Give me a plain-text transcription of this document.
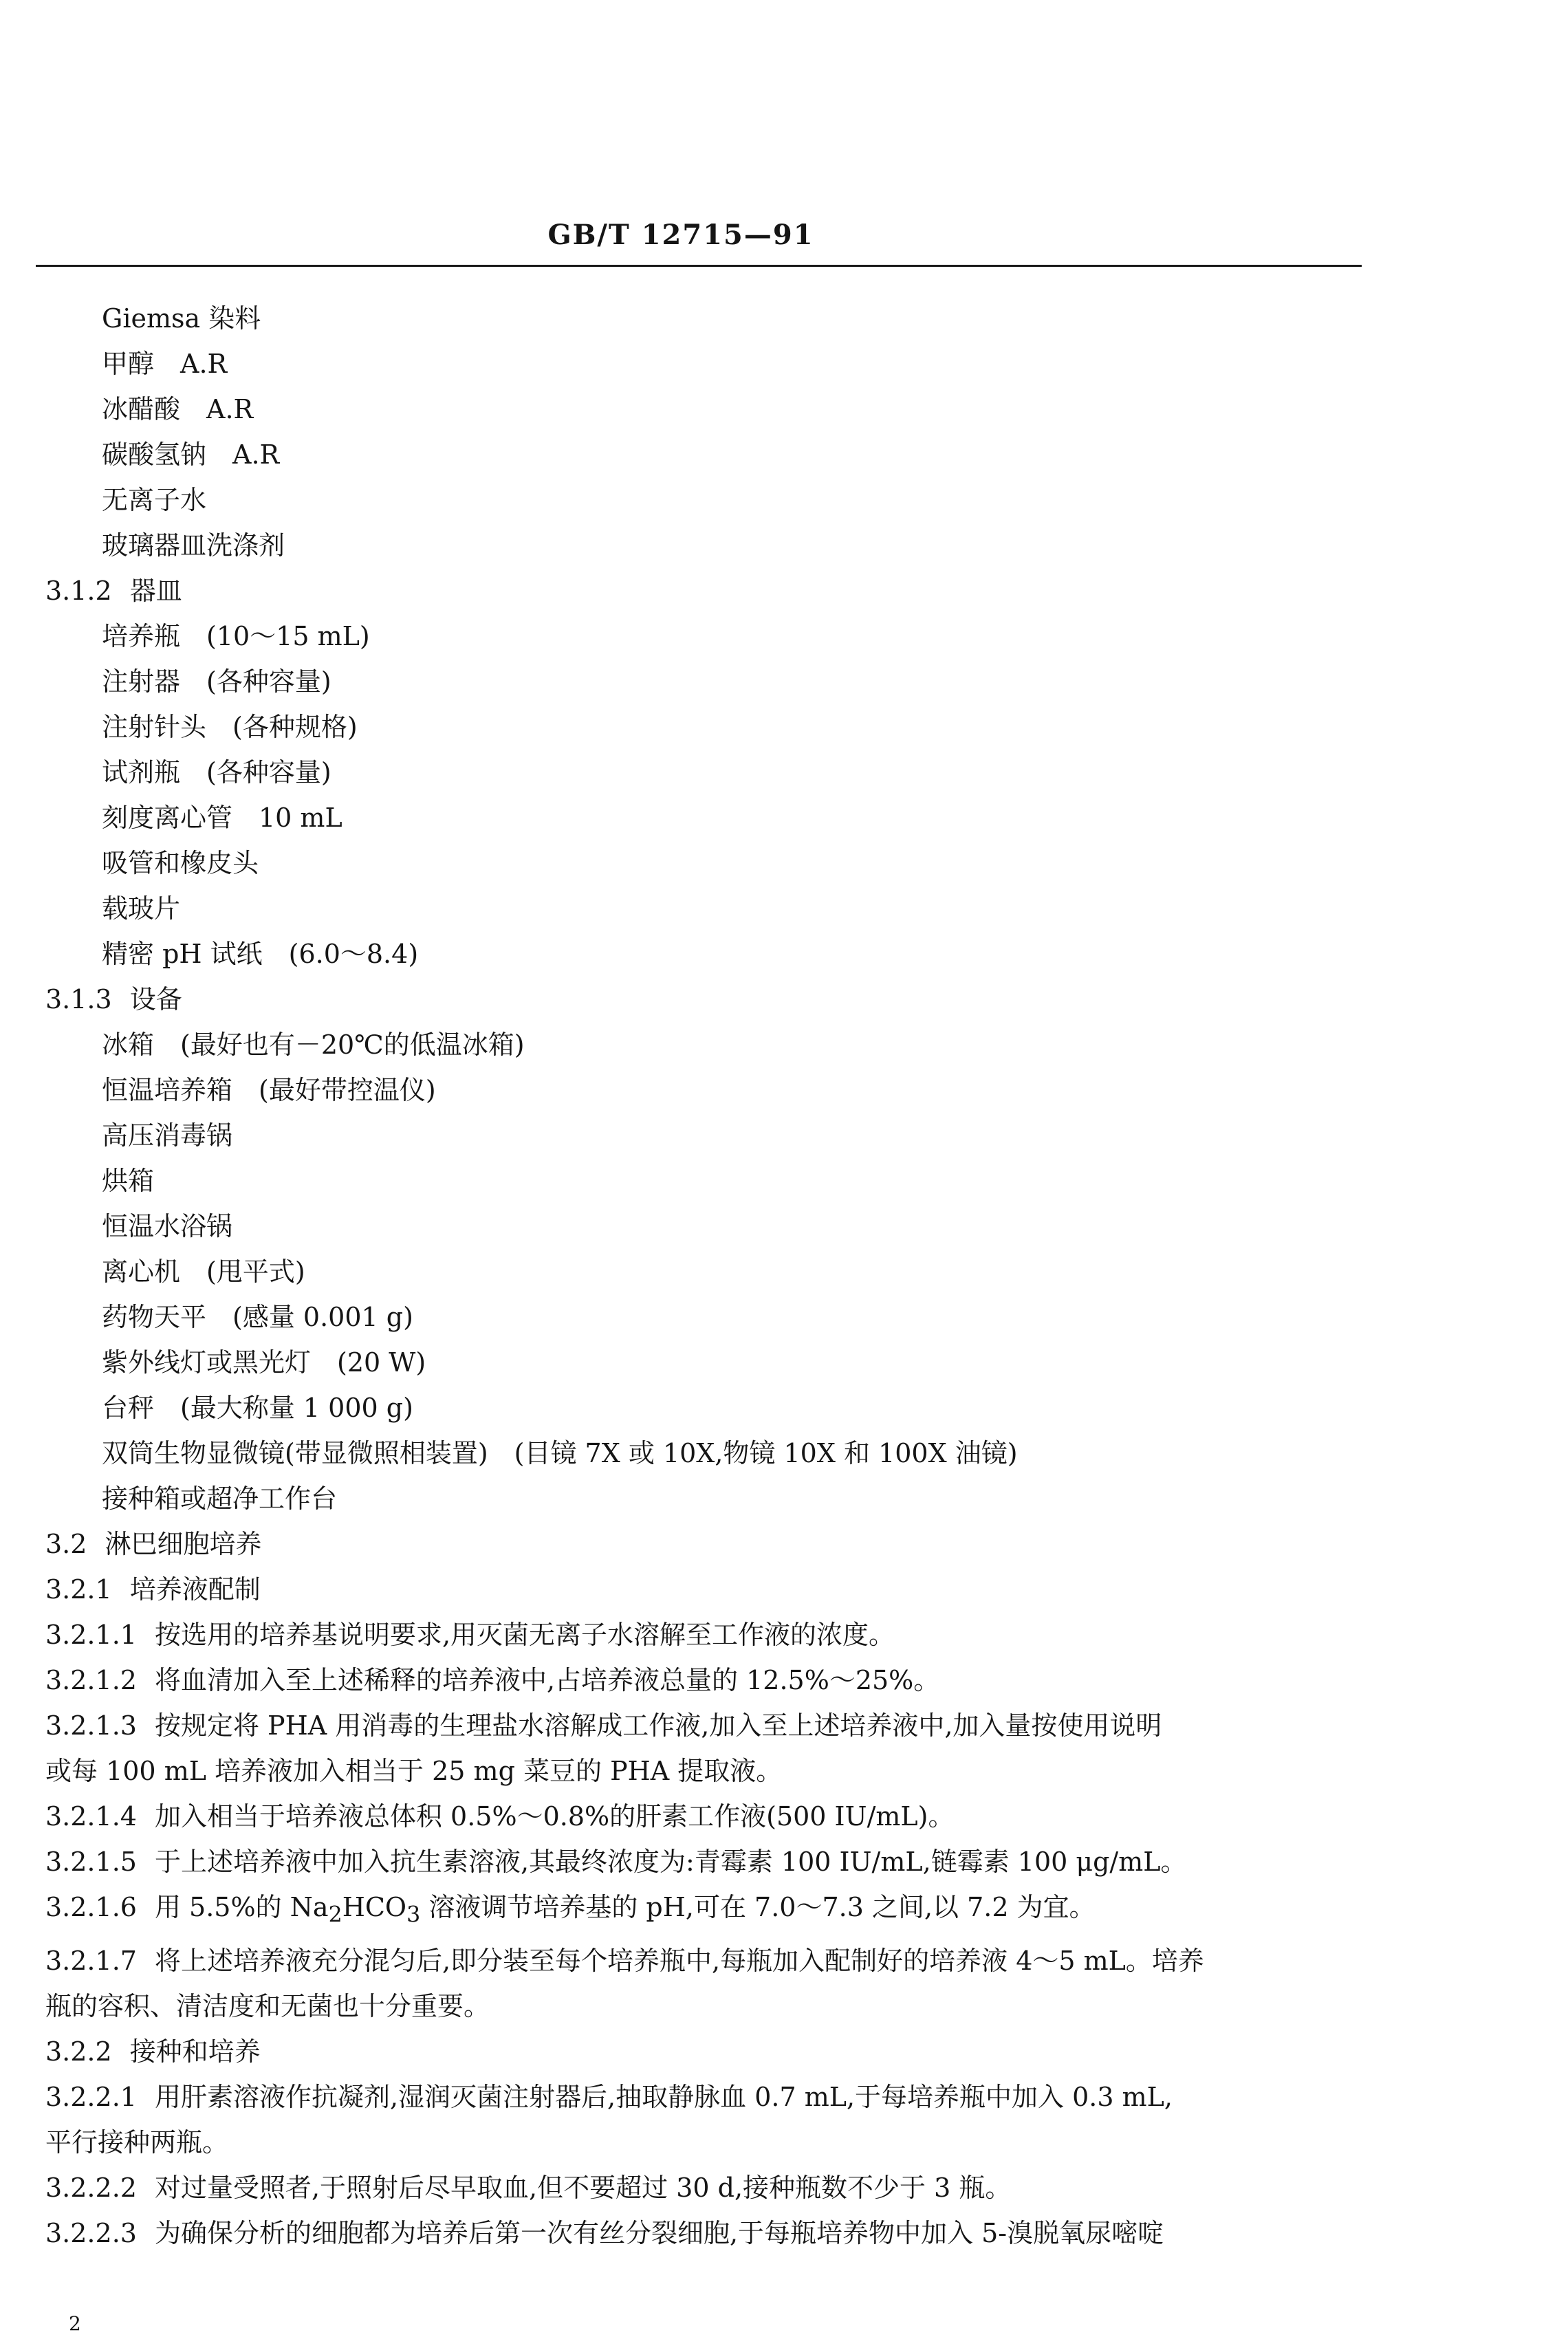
GB/T 12715—91
Giemsa 染料
甲醇　A.R
冰醋酸　A.R
碳酸氢钠　A.R
无离子水
玻璃器皿洗涤剂
3.1.2 器皿
培养瓶　(10～15 mL)
注射器　(各种容量)
注射针头　(各种规格)
试剂瓶　(各种容量)
刻度离心管　10 mL
吸管和橡皮头
载玻片
精密 pH 试纸　(6.0～8.4)
3.1.3 设备
冰箱　(最好也有－20℃的低温冰箱)
恒温培养箱　(最好带控温仪)
高压消毒锅
烘箱
恒温水浴锅
离心机　(甩平式)
药物天平　(感量 0.001 g)
紫外线灯或黑光灯　(20 W)
台秤　(最大称量 1 000 g)
双筒生物显微镜(带显微照相装置)　(目镜 7X 或 10X,物镜 10X 和 100X 油镜)
接种箱或超净工作台
3.2 淋巴细胞培养
3.2.1 培养液配制
3.2.1.1 按选用的培养基说明要求,用灭菌无离子水溶解至工作液的浓度。
3.2.1.2 将血清加入至上述稀释的培养液中,占培养液总量的 12.5%～25%。
3.2.1.3 按规定将 PHA 用消毒的生理盐水溶解成工作液,加入至上述培养液中,加入量按使用说明
或每 100 mL 培养液加入相当于 25 mg 菜豆的 PHA 提取液。
3.2.1.4 加入相当于培养液总体积 0.5%～0.8%的肝素工作液(500 IU/mL)。
3.2.1.5 于上述培养液中加入抗生素溶液,其最终浓度为:青霉素 100 IU/mL,链霉素 100 μg/mL。
3.2.1.6 用 5.5%的 $Na_2HCO_3$ 溶液调节培养基的 pH,可在 7.0～7.3 之间,以 7.2 为宜。
3.2.1.7 将上述培养液充分混匀后,即分装至每个培养瓶中,每瓶加入配制好的培养液 4～5 mL。培养
瓶的容积、清洁度和无菌也十分重要。
3.2.2 接种和培养
3.2.2.1 用肝素溶液作抗凝剂,湿润灭菌注射器后,抽取静脉血 0.7 mL,于每培养瓶中加入 0.3 mL,
平行接种两瓶。
3.2.2.2 对过量受照者,于照射后尽早取血,但不要超过 30 d,接种瓶数不少于 3 瓶。
3.2.2.3 为确保分析的细胞都为培养后第一次有丝分裂细胞,于每瓶培养物中加入 5-溴脱氧尿嘧啶
2
